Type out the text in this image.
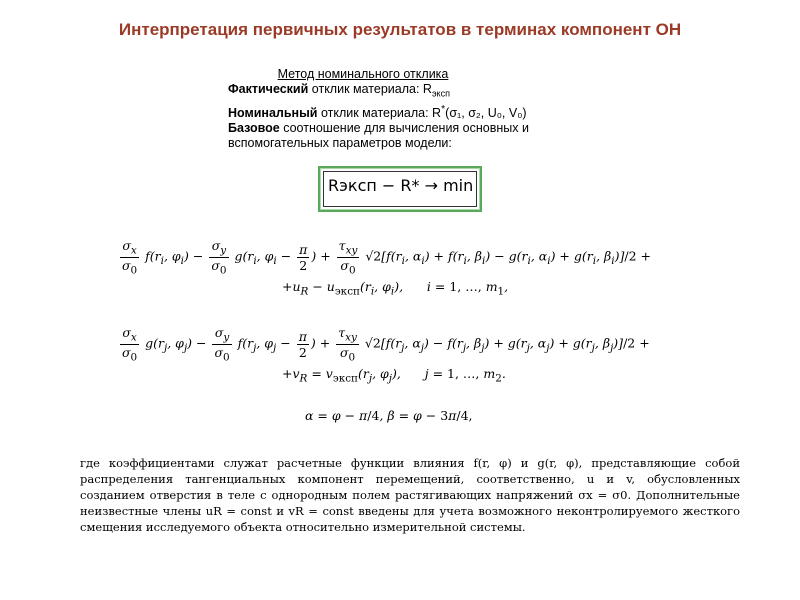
Интерпретация первичных результатов в терминах компонент ОН
Метод номинального отклика
Фактический отклик материала: $R_{эксп}$
Номинальный отклик материала: R*(σ₁, σ₂, U₀, V₀)
Базовое соотношение для вычисления основных и вспомогательных параметров модели:
Rэксп − R* → min
$\frac{\sigma_x}{\sigma_0} f(r_i$, $\varphi_i) - \frac{\sigma_y}{\sigma_0} g(r_i$, $\varphi_i - \frac{\pi}{2}$ ) + $\frac{\tau_{xy}}{\sigma_0} √2[f(r_i$, $\alpha_i) + f(r_i$, $\beta_i) - g(r_i$, $\alpha_i) + g(r_i$, $\beta_i)]/2$ +
$+u_R - u_{эксп}(r_i$, $\varphi_i$),      i = 1, …, $m_1$,
$\frac{\sigma_x}{\sigma_0} g(r_j$, $\varphi_j) - \frac{\sigma_y}{\sigma_0} f(r_j$, $\varphi_j - \frac{\pi}{2}$ ) + $\frac{\tau_{xy}}{\sigma_0} √2[f(r_j$, $\alpha_j) - f(r_j$, $\beta_j) + g(r_j$, $\alpha_j) + g(r_j$, $\beta_j)]/2$ +
$+v_R = v_{эксп}(r_j$, $\varphi_j$),      j = 1, …, $m_2$.
α = φ − π/4, β = φ − 3π/4,
где коэффициентами служат расчетные функции влияния f(r, φ) и g(r, φ), представляющие собой распределения тангенциальных компонент перемещений, соответственно, u и v, обусловленных созданием отверстия в теле с однородным полем растягивающих напряжений σx = σ0. Дополнительные неизвестные члены uR = const и vR = const введены для учета возможного неконтролируемого жесткого смещения исследуемого объекта относительно измерительной системы.
